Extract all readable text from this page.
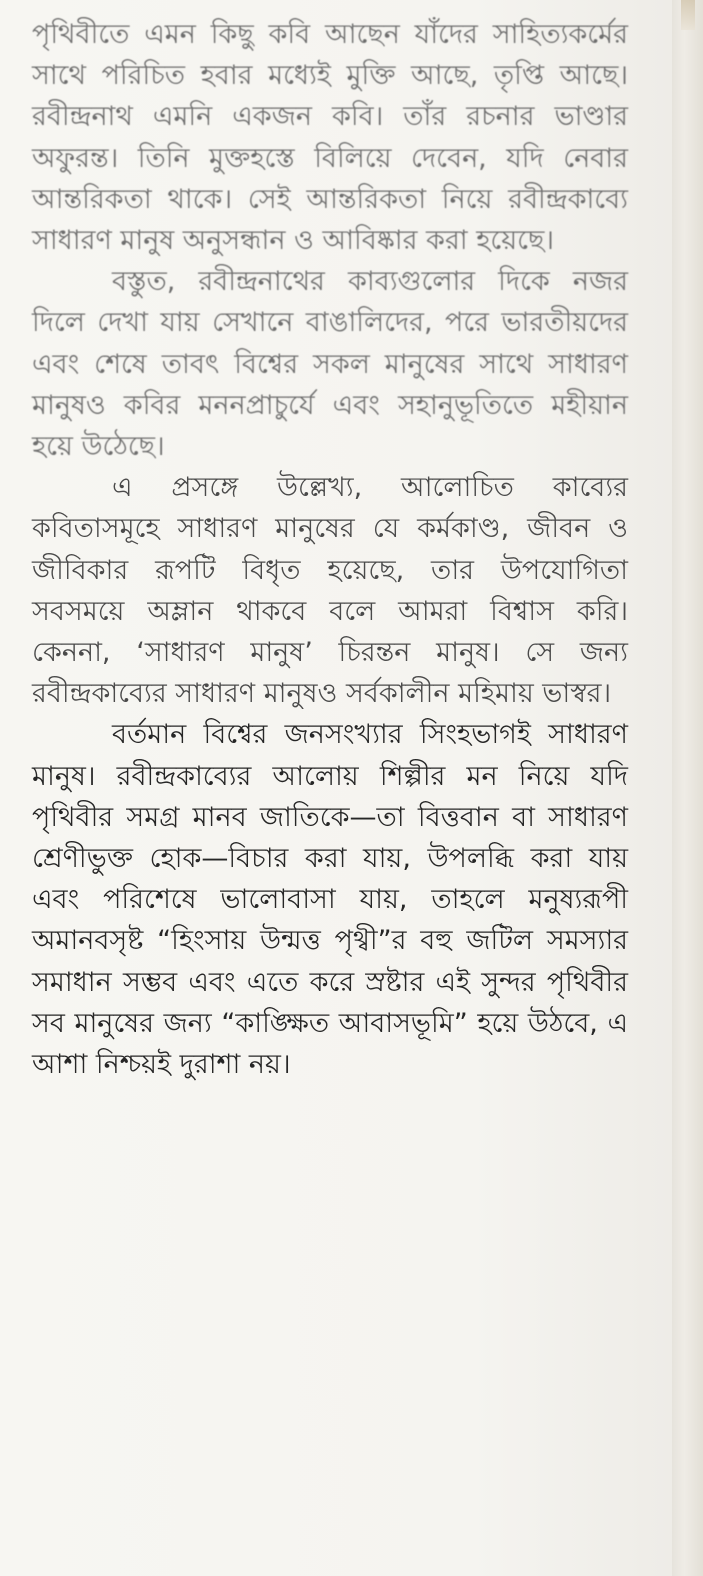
পৃথিবীতে এমন কিছু কবি আছেন যাঁদের সাহিত্যকর্মের সাথে পরিচিত হবার মধ্যেই মুক্তি আছে, তৃপ্তি আছে। রবীন্দ্রনাথ এমনি একজন কবি। তাঁর রচনার ভাণ্ডার অফুরন্ত। তিনি মুক্তহস্তে বিলিয়ে দেবেন, যদি নেবার আন্তরিকতা থাকে। সেই আন্তরিকতা নিয়ে রবীন্দ্রকাব্যে সাধারণ মানুষ অনুসন্ধান ও আবিষ্কার করা হয়েছে।

বস্তুত, রবীন্দ্রনাথের কাব্যগুলোর দিকে নজর দিলে দেখা যায় সেখানে বাঙালিদের, পরে ভারতীয়দের এবং শেষে তাবৎ বিশ্বের সকল মানুষের সাথে সাধারণ মানুষও কবির মননপ্রাচুর্যে এবং সহানুভূতিতে মহীয়ান হয়ে উঠেছে।

এ প্রসঙ্গে উল্লেখ্য, আলোচিত কাব্যের কবিতাসমূহে সাধারণ মানুষের যে কর্মকাণ্ড, জীবন ও জীবিকার রূপটি বিধৃত হয়েছে, তার উপযোগিতা সবসময়ে অম্লান থাকবে বলে আমরা বিশ্বাস করি। কেননা, ‘সাধারণ মানুষ’ চিরন্তন মানুষ। সে জন্য রবীন্দ্রকাব্যের সাধারণ মানুষও সর্বকালীন মহিমায় ভাস্বর।

বর্তমান বিশ্বের জনসংখ্যার সিংহভাগই সাধারণ মানুষ। রবীন্দ্রকাব্যের আলোয় শিল্পীর মন নিয়ে যদি পৃথিবীর সমগ্র মানব জাতিকে—তা বিত্তবান বা সাধারণ শ্রেণীভুক্ত হোক—বিচার করা যায়, উপলব্ধি করা যায় এবং পরিশেষে ভালোবাসা যায়, তাহলে মনুষ্যরূপী অমানবসৃষ্ট “হিংসায় উন্মত্ত পৃথ্বী”র বহু জটিল সমস্যার সমাধান সম্ভব এবং এতে করে স্রষ্টার এই সুন্দর পৃথিবীর সব মানুষের জন্য “কাঙ্ক্ষিত আবাসভূমি” হয়ে উঠবে, এ আশা নিশ্চয়ই দুরাশা নয়।
